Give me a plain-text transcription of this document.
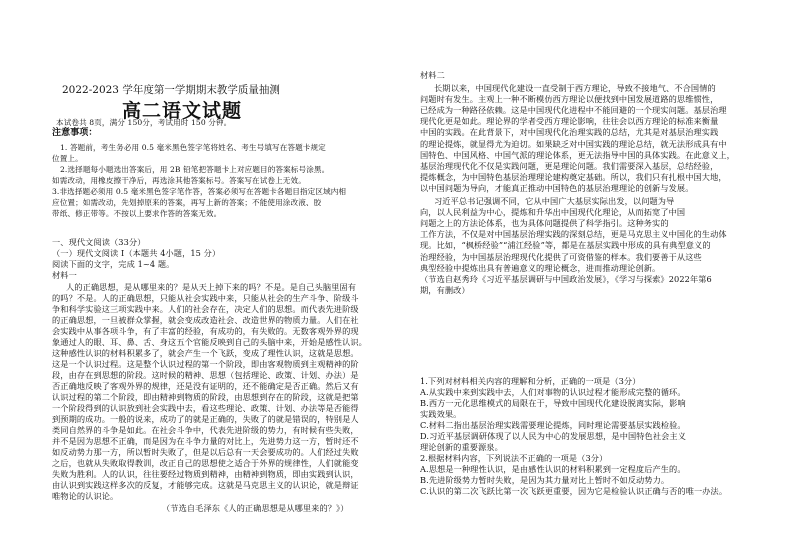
2022-2023 学年度第一学期期末教学质量抽测
高二语文试题
本试卷共 8页，满分 150分，考试用时 150 分钟。
注意事项：
1. 答题前，考生务必用 0.5 毫米黑色签字笔将姓名、考生号填写在答题卡规定
位置上。
2.选择题每小题选出答案后，用 2B 铅笔把答题卡上对应题目的答案标号涂黑。
如需改动，用橡皮擦干净后，再选涂其他答案标号。答案写在试卷上无效。
3.非选择题必须用 0.5 毫米黑色签字笔作答，答案必须写在答题卡各题目指定区域内相
应位置；如需改动，先划掉原来的答案，再写上新的答案；不能使用涂改液、胶
带纸、修正带等。不按以上要求作答的答案无效。
一、现代文阅读（33分）
（一）现代文阅读 I（本题共 4小题，15 分）
阅读下面的文字，完成 1~4 题。
材料一
人的正确思想，是从哪里来的？是从天上掉下来的吗？不是。是自己头脑里固有
的吗？不是。人的正确思想，只能从社会实践中来，只能从社会的生产斗争、阶级斗
争和科学实验这三项实践中来。人们的社会存在，决定人们的思想。而代表先进阶级
的正确思想，一旦被群众掌握，就会变成改造社会、改造世界的物质力量。人们在社
会实践中从事各项斗争，有了丰富的经验，有成功的，有失败的。无数客观外界的现
象通过人的眼、耳、鼻、舌、身这五个官能反映到自己的头脑中来，开始是感性认识。
这种感性认识的材料积累多了，就会产生一个飞跃，变成了理性认识，这就是思想。
这是一个认识过程。这是整个认识过程的第一个阶段，即由客观物质到主观精神的阶
段，由存在到思想的阶段。这时候的精神、思想（包括理论、政策、计划、办法）是
否正确地反映了客观外界的规律，还是没有证明的，还不能确定是否正确。然后又有
认识过程的第二个阶段，即由精神到物质的阶段，由思想到存在的阶段，这就是把第
一个阶段得到的认识放到社会实践中去，看这些理论、政策、计划、办法等是否能得
到预期的成功。一般的说来，成功了的就是正确的，失败了的就是错误的，特别是人
类同自然界的斗争是如此。在社会斗争中，代表先进阶级的势力，有时候有些失败，
并不是因为思想不正确，而是因为在斗争力量的对比上，先进势力这一方，暂时还不
如反动势力那一方，所以暂时失败了，但是以后总有一天会要成功的。人们经过失败
之后，也就从失败取得教训，改正自己的思想使之适合于外界的规律性，人们就能变
失败为胜利。人的认识，往往要经过物质到精神，由精神到物质，即由实践到认识，
由认识到实践这样多次的反复，才能够完成。这就是马克思主义的认识论，就是辩证
唯物论的认识论。
（节选自毛泽东《人的正确思想是从哪里来的？》）
材料二
长期以来，中国现代化建设一直受制于西方理论，导致不接地气、不合国情的
问题时有发生。主观上一种不断模仿西方理论以便找到中国发展道路的思维惯性，
已经成为一种路径依赖。这是中国现代化进程中不能回避的一个现实问题。基层治理
现代化更是如此。理论界的学者受西方理论影响，往往会以西方理论的标准来衡量
中国的实践。在此背景下，对中国现代化治理实践的总结，尤其是对基层治理实践
的理论提炼，就显得尤为迫切。如果缺乏对中国实践的理论总结，就无法形成具有中
国特色、中国风格、中国气派的理论体系，更无法指导中国的具体实践。在此意义上，
基层治理现代化不仅是实践问题，更是理论问题。我们需要深入基层，总结经验，
提炼概念，为中国特色基层治理理论建构奠定基础。所以，我们只有扎根中国大地，
以中国问题为导向，才能真正推动中国特色的基层治理理论的创新与发展。
习近平总书记强调不同，它从中国广大基层实际出发，以问题为导
向，以人民利益为中心，提炼和升华出中国现代化理论，从而拓宽了中国
问题之上的方法论体系，也为具体问题提供了科学指引。这种务实的
工作方法，不仅是对中国基层治理实践的深刻总结，更是马克思主义中国化的生动体
现。比如，“枫桥经验”“浦江经验”等，都是在基层实践中形成的具有典型意义的
治理经验，为中国基层治理现代化提供了可资借鉴的样本。我们要善于从这些
典型经验中提炼出具有普遍意义的理论概念，进而推动理论创新。
（节选自赵秀玲《习近平基层调研与中国政治发展》，《学习与探索》2022年第6
期，有删改）
1.下列对材料相关内容的理解和分析，正确的一项是（3分）
A.从实践中来到实践中去，人们对事物的认识过程才能形成完整的循环。
B.西方一元化思维模式的局限在于，导致中国现代化建设脱离实际，影响
实践效果。
C.材料二指出基层治理实践需要理论提炼，同时理论需要基层实践检验。
D.习近平基层调研体现了以人民为中心的发展思想，是中国特色社会主义
理论创新的重要源泉。
2.根据材料内容，下列说法不正确的一项是（3分）
A.思想是一种理性认识，是由感性认识的材料积累到一定程度后产生的。
B.先进阶级势力暂时失败，是因为其力量对比上暂时不如反动势力。
C.认识的第二次飞跃比第一次飞跃更重要，因为它是检验认识正确与否的唯一办法。
